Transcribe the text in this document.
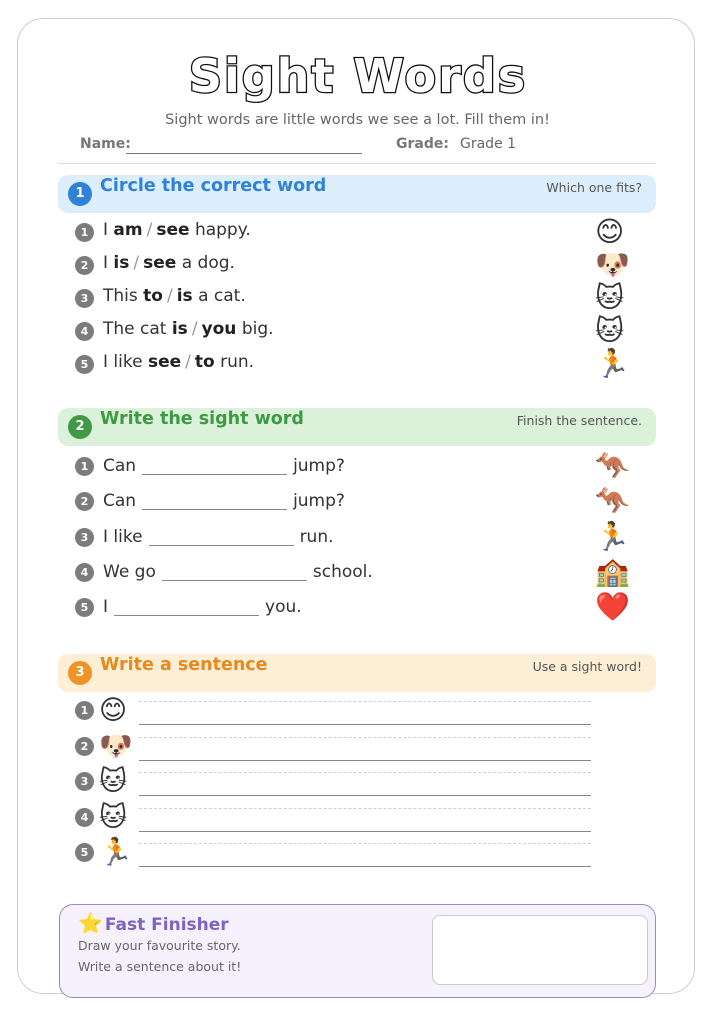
Sight Words
Sight words are little words we see a lot. Fill them in!
Name:	Grade: Grade 1
1 Circle the correct word	Which one fits?
1 I am / see happy.	😊
2 I is / see a dog.	🐶
3 This to / is a cat.	🐱
4 The cat is / you big.	🐱
5 I like see / to run.	🏃
2 Write the sight word	Finish the sentence.
1 Can	jump?	🦘
2 Can	jump?	🦘
3 I like	run.	🏃
4 We go	school.	🏫
5 I	you.	❤️
3 Write a sentence	Use a sight word!
1 😊
2 🐶
3 🐱
4 🐱
5 🏃
⭐ Fast Finisher
Draw your favourite story.
Write a sentence about it!
